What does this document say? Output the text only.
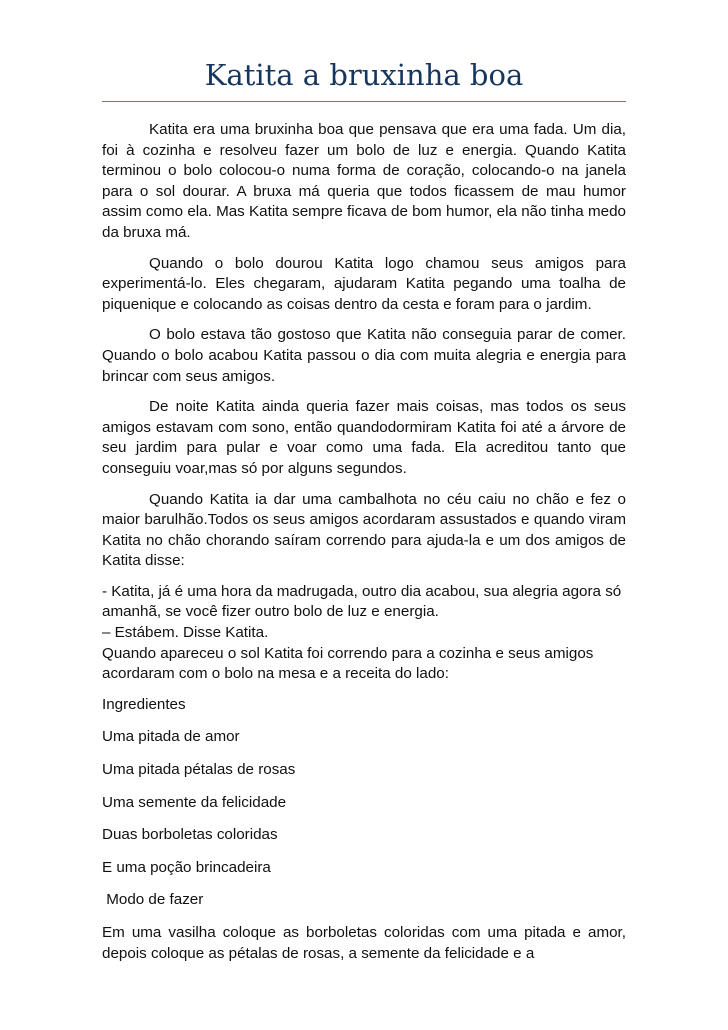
Katita a bruxinha boa

Katita era uma bruxinha boa que pensava que era uma fada. Um dia, foi à cozinha e resolveu fazer um bolo de luz e energia. Quando Katita terminou o bolo colocou-o numa forma de coração, colocando-o na janela para o sol dourar. A bruxa má queria que todos ficassem de mau humor assim como ela. Mas Katita sempre ficava de bom humor, ela não tinha medo da bruxa má.

Quando o bolo dourou Katita logo chamou seus amigos para experimentá-lo. Eles chegaram, ajudaram Katita pegando uma toalha de piquenique e colocando as coisas dentro da cesta e foram para o jardim.

O bolo estava tão gostoso que Katita não conseguia parar de comer. Quando o bolo acabou Katita passou o dia com muita alegria e energia para brincar com seus amigos.

De noite Katita ainda queria fazer mais coisas, mas todos os seus amigos estavam com sono, então quandodormiram Katita foi até a árvore de seu jardim para pular e voar como uma fada. Ela acreditou tanto que conseguiu voar,mas só por alguns segundos.

Quando Katita ia dar uma cambalhota no céu caiu no chão e fez o maior barulhão.Todos os seus amigos acordaram assustados e quando viram Katita no chão chorando saíram correndo para ajuda-la e um dos amigos de Katita disse:

- Katita, já é uma hora da madrugada, outro dia acabou, sua alegria agora só

amanhã, se você fizer outro bolo de luz e energia.

– Estábem. Disse Katita.

Quando apareceu o sol Katita foi correndo para a cozinha e seus amigos

acordaram com o bolo na mesa e a receita do lado:

Ingredientes

Uma pitada de amor

Uma pitada pétalas de rosas

Uma semente da felicidade

Duas borboletas coloridas

E uma poção brincadeira

Modo de fazer

Em uma vasilha coloque as borboletas coloridas com uma pitada e amor, depois coloque as pétalas de rosas, a semente da felicidade e a
